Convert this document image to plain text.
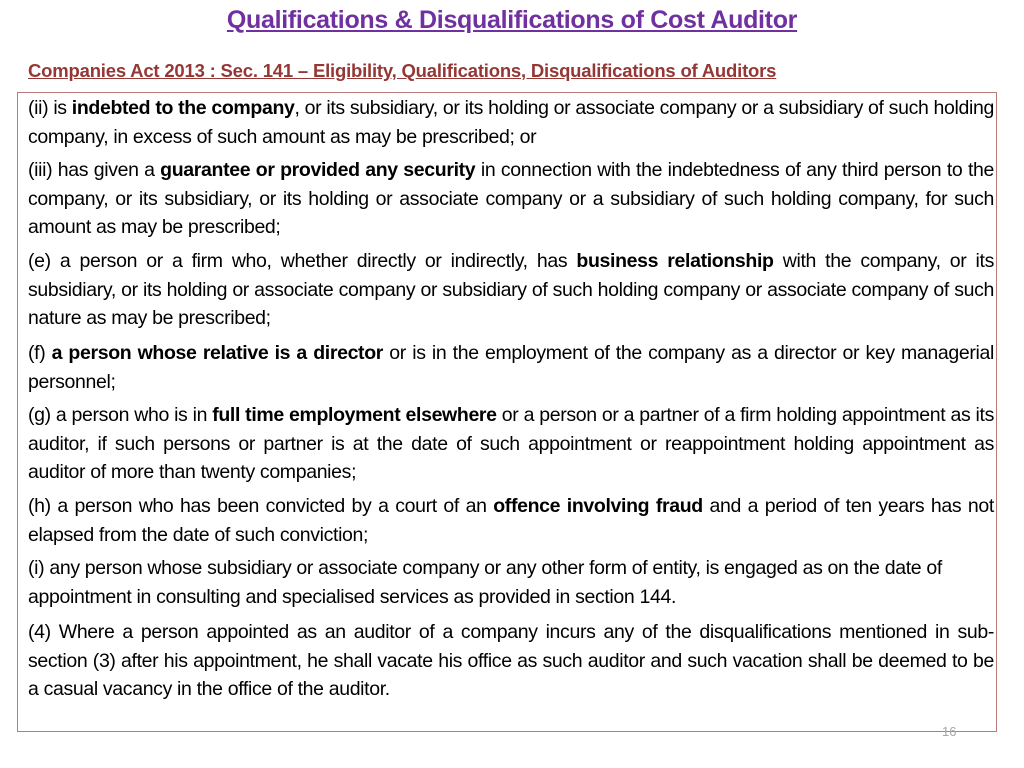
Qualifications & Disqualifications of Cost Auditor
Companies Act 2013 : Sec. 141 – Eligibility, Qualifications, Disqualifications of Auditors
(ii) is indebted to the company, or its subsidiary, or its holding or associate company or a subsidiary of such holding company, in excess of such amount as may be prescribed; or
(iii) has given a guarantee or provided any security in connection with the indebtedness of any third person to the company, or its subsidiary, or its holding or associate company or a subsidiary of such holding company, for such amount as may be prescribed;
(e) a person or a firm who, whether directly or indirectly, has business relationship with the company, or its subsidiary, or its holding or associate company or subsidiary of such holding company or associate company of such nature as may be prescribed;
(f) a person whose relative is a director or is in the employment of the company as a director or key managerial personnel;
(g) a person who is in full time employment elsewhere or a person or a partner of a firm holding appointment as its auditor, if such persons or partner is at the date of such appointment or reappointment holding appointment as auditor of more than twenty companies;
(h) a person who has been convicted by a court of an offence involving fraud and a period of ten years has not elapsed from the date of such conviction;
(i) any person whose subsidiary or associate company or any other form of entity, is engaged as on the date of appointment in consulting and specialised services as provided in section 144.
(4) Where a person appointed as an auditor of a company incurs any of the disqualifications mentioned in sub-section (3) after his appointment, he shall vacate his office as such auditor and such vacation shall be deemed to be a casual vacancy in the office of the auditor.
16
